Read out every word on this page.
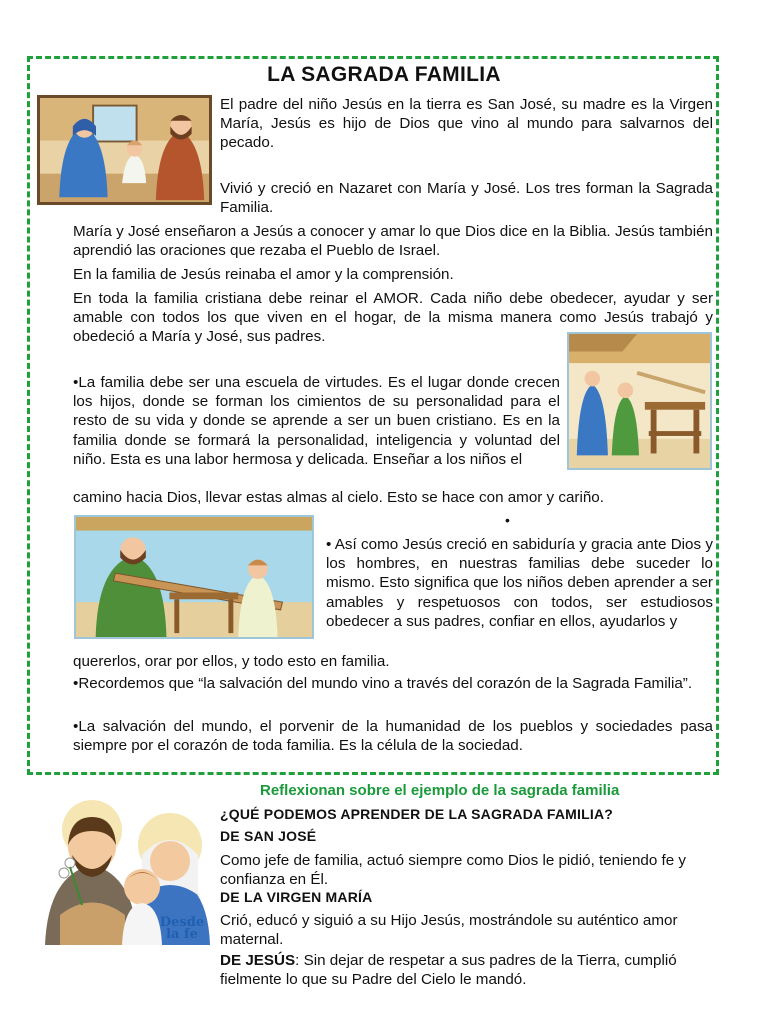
LA SAGRADA FAMILIA
El padre del niño Jesús en la tierra es San José, su madre es la Virgen María, Jesús es hijo de Dios que vino al mundo para salvarnos del pecado.
Vivió y creció en Nazaret con María y José. Los tres forman la Sagrada Familia.
María y José enseñaron a Jesús a conocer y amar lo que Dios dice en la Biblia. Jesús también aprendió las oraciones que rezaba el Pueblo de Israel.
En la familia de Jesús reinaba el amor y la comprensión.
En toda la familia cristiana debe reinar el AMOR. Cada niño debe obedecer, ayudar y ser amable con todos los que viven en el hogar, de la misma manera como Jesús trabajó y obedeció a María y José, sus padres.
•La familia debe ser una escuela de virtudes. Es el lugar donde crecen los hijos, donde se forman los cimientos de su personalidad para el resto de su vida y donde se aprende a ser un buen cristiano. Es en la familia donde se formará la personalidad, inteligencia y voluntad del niño. Esta es una labor hermosa y delicada. Enseñar a los niños el
camino hacia Dios, llevar estas almas al cielo. Esto se hace con amor y cariño.
•
• Así como Jesús creció en sabiduría y gracia ante Dios y los hombres, en nuestras familias debe suceder lo mismo. Esto significa que los niños deben aprender a ser amables y respetuosos con todos, ser estudiosos obedecer a sus padres, confiar en ellos, ayudarlos y
quererlos, orar por ellos, y todo esto en familia.
•Recordemos que “la salvación del mundo vino a través del corazón de la Sagrada Familia”.
•La salvación del mundo, el porvenir de la humanidad de los pueblos y sociedades pasa siempre por el corazón de toda familia. Es la célula de la sociedad.
Reflexionan sobre el ejemplo de la sagrada familia
Desde
la fe
¿QUÉ PODEMOS APRENDER DE LA SAGRADA FAMILIA?
DE SAN JOSÉ
Como jefe de familia, actuó siempre como Dios le pidió, teniendo fe y confianza en Él.
DE LA VIRGEN MARÍA
Crió, educó y siguió a su Hijo Jesús, mostrándole su auténtico amor maternal.
DE JESÚS: Sin dejar de respetar a sus padres de la Tierra, cumplió fielmente lo que su Padre del Cielo le mandó.
